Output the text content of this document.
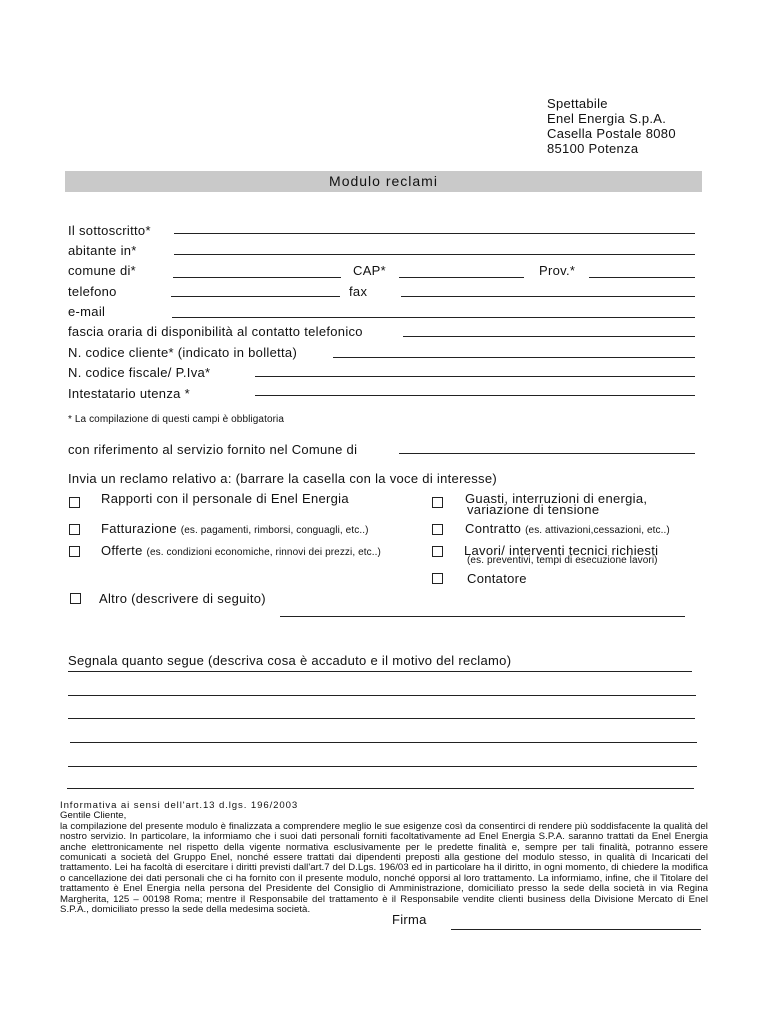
Spettabile
Enel Energia S.p.A.
Casella Postale 8080
85100 Potenza
Modulo reclami
Il sottoscritto*
abitante in*
comune di*	CAP*	Prov.*
telefono	fax
e-mail
fascia oraria di disponibilità al contatto telefonico
N. codice cliente* (indicato in bolletta)
N. codice fiscale/ P.Iva*
Intestatario utenza *
* La compilazione di questi campi è obbligatoria
con riferimento al servizio fornito nel Comune di
Invia un reclamo relativo a: (barrare la casella con la voce di interesse)
Rapporti con il personale di Enel Energia	Guasti, interruzioni di energia,
variazione di tensione
Fatturazione (es. pagamenti, rimborsi, conguagli, etc..)	Contratto (es. attivazioni,cessazioni, etc..)
Offerte (es. condizioni economiche, rinnovi dei prezzi, etc..)	Lavori/ interventi tecnici richiesti
(es. preventivi, tempi di esecuzione lavori)
Contatore
Altro (descrivere di seguito)
Segnala quanto segue (descriva cosa è accaduto e il motivo del reclamo)
Informativa ai sensi dell'art.13 d.lgs. 196/2003
Gentile Cliente,
la compilazione del presente modulo è finalizzata a comprendere meglio le sue esigenze così da consentirci di rendere più soddisfacente la qualità del nostro servizio. In particolare, la informiamo che i suoi dati personali forniti facoltativamente ad Enel Energia S.P.A. saranno trattati da Enel Energia anche elettronicamente nel rispetto della vigente normativa esclusivamente per le predette finalità e, sempre per tali finalità, potranno essere comunicati a società del Gruppo Enel, nonché essere trattati dai dipendenti preposti alla gestione del modulo stesso, in qualità di Incaricati del trattamento. Lei ha facoltà di esercitare i diritti previsti dall'art.7 del D.Lgs. 196/03 ed in particolare ha il diritto, in ogni momento, di chiedere la modifica o cancellazione dei dati personali che ci ha fornito con il presente modulo, nonché opporsi al loro trattamento. La informiamo, infine, che il Titolare del trattamento è Enel Energia nella persona del Presidente del Consiglio di Amministrazione, domiciliato presso la sede della società in via Regina Margherita, 125 – 00198 Roma; mentre il Responsabile del trattamento è il Responsabile vendite clienti business della Divisione Mercato di Enel S.P.A., domiciliato presso la sede della medesima società.
Firma
